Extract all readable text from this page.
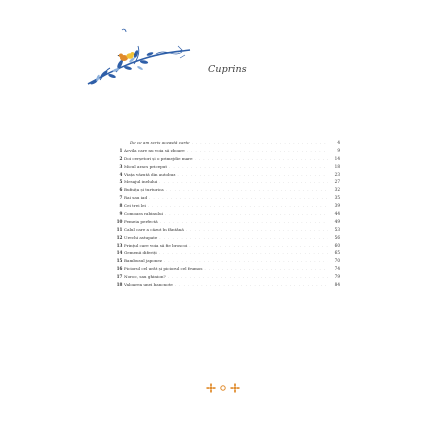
Cuprins
De ce am scris această carte . . .	4
1 Acvila care nu voia să zboare . . .	9
2 Doi cerșetori și o primejdie mare . . .	14
3 Micul aracs priceput . . .	18
4 Viața văzută din autobuz . . .	23
5 Mesajul inelului . . .	27
6 Bufnița și turturica . . .	32
7 Rai sau iad . . .	35
8 Cei trei lei . . .	39
9 Comoara rabinului . . .	44
10 Femeia perfectă . . .	49
11 Calul care a căzut în fântână . . .	53
12 Urechi astupate . . .	56
13 Prințul care voia să fie broscoi . . .	60
14 Gemenii diferiți . . .	65
15 Bambusul japonez . . .	70
16 Piciorul cel urât și piciorul cel frumos . . .	74
17 Noroc, sau ghinion? . . .	79
18 Valoarea unei bancnote . . .	84
